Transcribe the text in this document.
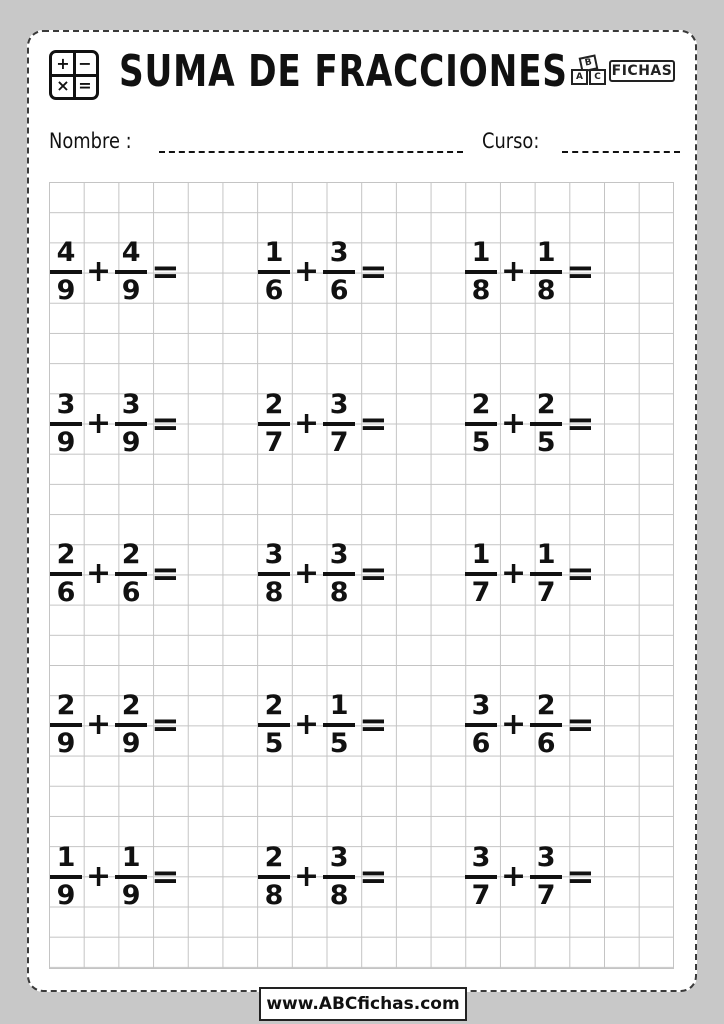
+ −
× = SUMA DE FRACCIONES	B
A	C FICHAS
Nombre :	Curso:
$\frac{4}{9} + \frac{4}{9}$ =	$\frac{1}{6} + \frac{3}{6}$ =	$\frac{1}{8} + \frac{1}{8}$ =
$\frac{3}{9} + \frac{3}{9}$ =	$\frac{2}{7} + \frac{3}{7}$ =	$\frac{2}{5} + \frac{2}{5}$ =
$\frac{2}{6} + \frac{2}{6}$ =	$\frac{3}{8} + \frac{3}{8}$ =	$\frac{1}{7} + \frac{1}{7}$ =
$\frac{2}{9} + \frac{2}{9}$ =	$\frac{2}{5} + \frac{1}{5}$ =	$\frac{3}{6} + \frac{2}{6}$ =
$\frac{1}{9} + \frac{1}{9}$ =	$\frac{2}{8} + \frac{3}{8}$ =	$\frac{3}{7} + \frac{3}{7}$ =
www.ABCfichas.com
